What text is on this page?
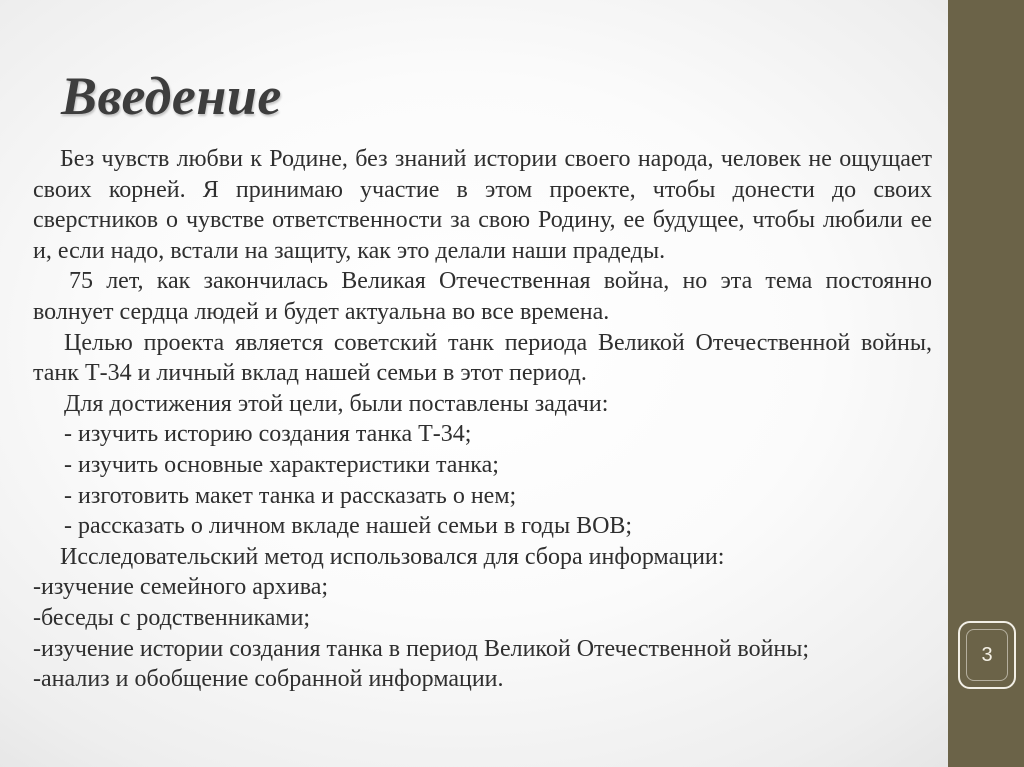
Введение

Без чувств любви к Родине, без знаний истории своего народа, человек не ощущает своих корней. Я принимаю участие в этом проекте, чтобы донести до своих сверстников о чувстве ответственности за свою Родину, ее будущее, чтобы любили ее и, если надо, встали на защиту, как это делали наши прадеды.

75 лет, как закончилась Великая Отечественная война, но эта тема постоянно волнует сердца людей и будет актуальна во все времена.

Целью проекта является советский танк периода Великой Отечественной войны, танк Т-34 и личный вклад нашей семьи в этот период.

Для достижения этой цели, были поставлены задачи:

- изучить историю создания танка Т-34;

- изучить основные характеристики танка;

- изготовить макет танка и рассказать о нем;

- рассказать о личном вкладе нашей семьи в годы ВОВ;

Исследовательский метод использовался для сбора информации:

-изучение семейного архива;

-беседы с родственниками;

-изучение истории создания танка в период Великой Отечественной войны;

-анализ и обобщение собранной информации.

3
